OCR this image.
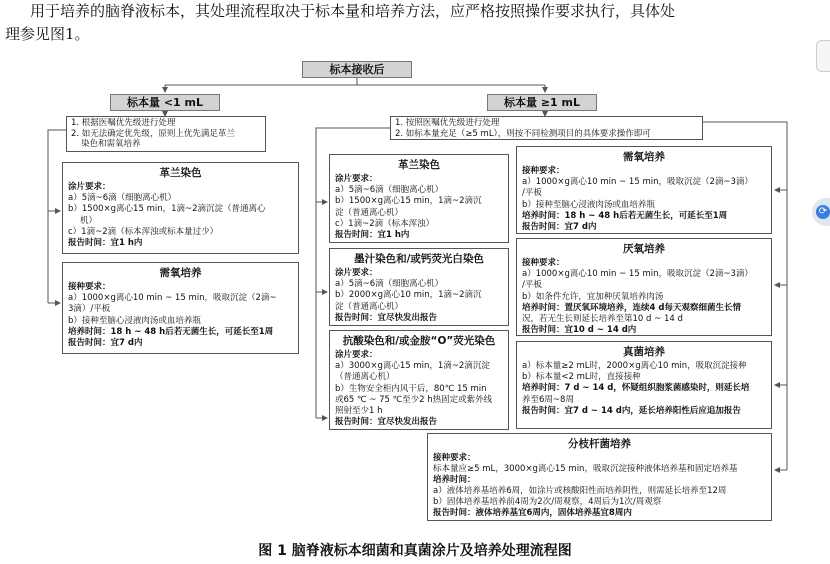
用于培养的脑脊液标本，其处理流程取决于标本量和培养方法，应严格按照操作要求执行，具体处
理参见图1。
⟳
标本接收后
标本量 <1 mL
1. 根据医嘱优先级进行处理
2. 如无法确定优先级，原则上优先满足革兰
染色和需氧培养
革兰染色
涂片要求：
a）5滴~6滴（细胞离心机）
b）1500×g离心15 min，1滴~2滴沉淀（普通离心
机）
c）1滴~2滴（标本浑浊或标本量过少）
报告时间：宜1 h内
需氧培养
接种要求：
a）1000×g离心10 min ~ 15 min，吸取沉淀（2滴~
3滴）/平板
b）接种至脑心浸液肉汤或血培养瓶
培养时间：18 h ~ 48 h后若无菌生长，可延长至1周
报告时间：宜7 d内
标本量 ≥1 mL
1. 按照医嘱优先级进行处理
2. 如标本量充足（≥5 mL），则按不同检测项目的具体要求操作即可
革兰染色
涂片要求：
a）5滴~6滴（细胞离心机）
b）1500×g离心15 min，1滴~2滴沉
淀（普通离心机）
c）1滴~2滴（标本浑浊）
报告时间：宜1 h内
墨汁染色和/或钙荧光白染色
涂片要求：
a）5滴~6滴（细胞离心机）
b）2000×g离心10 min，1滴~2滴沉
淀（普通离心机）
报告时间：宜尽快发出报告
抗酸染色和/或金胺“O”荧光染色
涂片要求：
a）3000×g离心15 min，1滴~2滴沉淀
（普通离心机）
b）生物安全柜内风干后，80℃ 15 min
或65 ℃ ~ 75 ℃至少2 h热固定或紫外线
照射至少1 h
报告时间：宜尽快发出报告
需氧培养
接种要求：
a）1000×g离心10 min ~ 15 min，吸取沉淀（2滴~3滴）
/平板
b）接种至脑心浸液肉汤或血培养瓶
培养时间：18 h ~ 48 h后若无菌生长，可延长至1周
报告时间：宜7 d内
厌氧培养
接种要求：
a）1000×g离心10 min ~ 15 min，吸取沉淀（2滴~3滴）
/平板
b）如条件允许，宜加种厌氧培养肉汤
培养时间：置厌氧环境培养，连续4 d每天观察细菌生长情
况，若无生长则延长培养至第10 d ~ 14 d
报告时间：宜10 d ~ 14 d内
真菌培养
a）标本量≥2 mL时，2000×g离心10 min，吸取沉淀接种
b）标本量<2 mL时，直接接种
培养时间：7 d ~ 14 d，怀疑组织胞浆菌感染时，则延长培
养至6周~8周
报告时间：宜7 d ~ 14 d内，延长培养阳性后应追加报告
分枝杆菌培养
接种要求：
标本量应≥5 mL，3000×g离心15 min，吸取沉淀接种液体培养基和固定培养基
培养时间：
a）液体培养基培养6周，如涂片或核酸阳性而培养阴性，则需延长培养至12周
b）固体培养基培养前4周为2次/周观察，4周后为1次/周观察
报告时间：液体培养基宜6周内，固体培养基宜8周内
图 1 脑脊液标本细菌和真菌涂片及培养处理流程图
